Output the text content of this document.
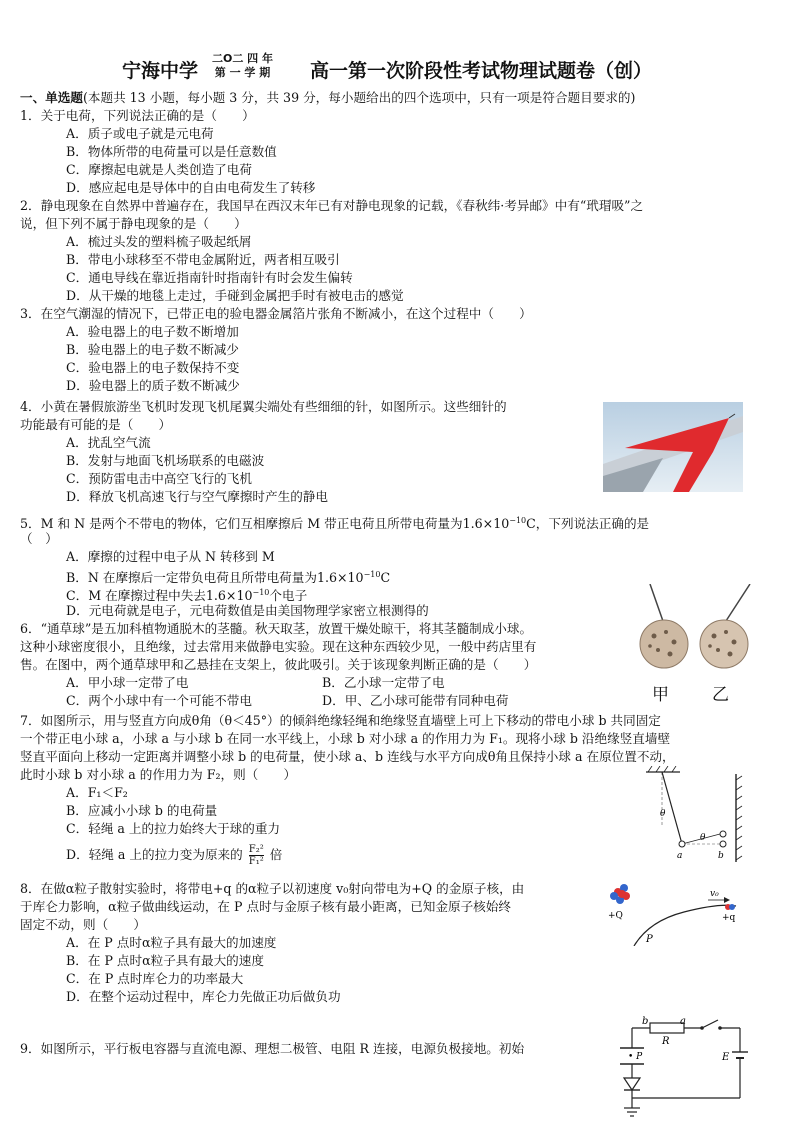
宁海中学
二O二 四 年
第 一 学 期 高一第一次阶段性考试物理试题卷（创）
一、单选题(本题共 13 小题，每小题 3 分，共 39 分，每小题给出的四个选项中，只有一项是符合题目要求的)
1．关于电荷，下列说法正确的是（　　）
A．质子或电子就是元电荷
B．物体所带的电荷量可以是任意数值
C．摩擦起电就是人类创造了电荷
D．感应起电是导体中的自由电荷发生了转移
2．静电现象在自然界中普遍存在，我国早在西汉末年已有对静电现象的记载，《春秋纬·考异邮》中有“玳瑁吸”之
说，但下列不属于静电现象的是（　　）
A．梳过头发的塑料梳子吸起纸屑
B．带电小球移至不带电金属附近，两者相互吸引
C．通电导线在靠近指南针时指南针有时会发生偏转
D．从干燥的地毯上走过，手碰到金属把手时有被电击的感觉
3．在空气潮湿的情况下，已带正电的验电器金属箔片张角不断减小，在这个过程中（　　）
A．验电器上的电子数不断增加
B．验电器上的电子数不断减少
C．验电器上的电子数保持不变
D．验电器上的质子数不断减少
4．小黄在暑假旅游坐飞机时发现飞机尾翼尖端处有些细细的针，如图所示。这些细针的
功能最有可能的是（　　）
A．扰乱空气流
B．发射与地面飞机场联系的电磁波
C．预防雷电击中高空飞行的飞机
D．释放飞机高速飞行与空气摩擦时产生的静电
5．M 和 N 是两个不带电的物体，它们互相摩擦后 M 带正电荷且所带电荷量为$1.6\times 10^{-10}C$，下列说法正确的是
（　）
A．摩擦的过程中电子从 N 转移到 M
B．N 在摩擦后一定带负电荷且所带电荷量为$1.6\times 10^{-10}C$
C．M 在摩擦过程中失去$1.6\times 10^{-10}$个电子
D．元电荷就是电子，元电荷数值是由美国物理学家密立根测得的
6．“通草球”是五加科植物通脱木的茎髓。秋天取茎，放置干燥处晾干，将其茎髓制成小球。
这种小球密度很小，且绝缘，过去常用来做静电实验。现在这种东西较少见，一般中药店里有
售。在图中，两个通草球甲和乙悬挂在支架上，彼此吸引。关于该现象判断正确的是（　　）
A．甲小球一定带了电	B．乙小球一定带了电
C．两个小球中有一个可能不带电	D．甲、乙小球可能带有同种电荷	甲	乙
7．如图所示，用与竖直方向成θ角（θ＜45°）的倾斜绝缘轻绳和绝缘竖直墙壁上可上下移动的带电小球 b 共同固定
一个带正电小球 a，小球 a 与小球 b 在同一水平线上，小球 b 对小球 a 的作用力为 F₁。现将小球 b 沿绝缘竖直墙壁
竖直平面向上移动一定距离并调整小球 b 的电荷量，使小球 a、b 连线与水平方向成θ角且保持小球 a 在原位置不动，
此时小球 b 对小球 a 的作用力为 F₂，则（　　）
A．F₁＜F₂
B．应减小小球 b 的电荷量
C．轻绳 a 上的拉力始终大于球的重力
D．轻绳 a 上的拉力变为原来的 $\frac{\text{F₂²}}{\text{F₁²}}$ 倍
θ
θ
a	b
8．在做α粒子散射实验时，将带电+q 的α粒子以初速度 v₀射向带电为+Q 的金原子核，由
于库仑力影响，α粒子做曲线运动，在 P 点时与金原子核有最小距离，已知金原子核始终
固定不动，则（　　）
A．在 P 点时α粒子具有最大的加速度
B．在 P 点时α粒子具有最大的速度
C．在 P 点时库仑力的功率最大
D．在整个运动过程中，库仑力先做正功后做负功
+Q	+q
v₀
P
9．如图所示，平行板电容器与直流电源、理想二极管、电阻 R 连接，电源负极接地。初始
b
R
a
• P	E
